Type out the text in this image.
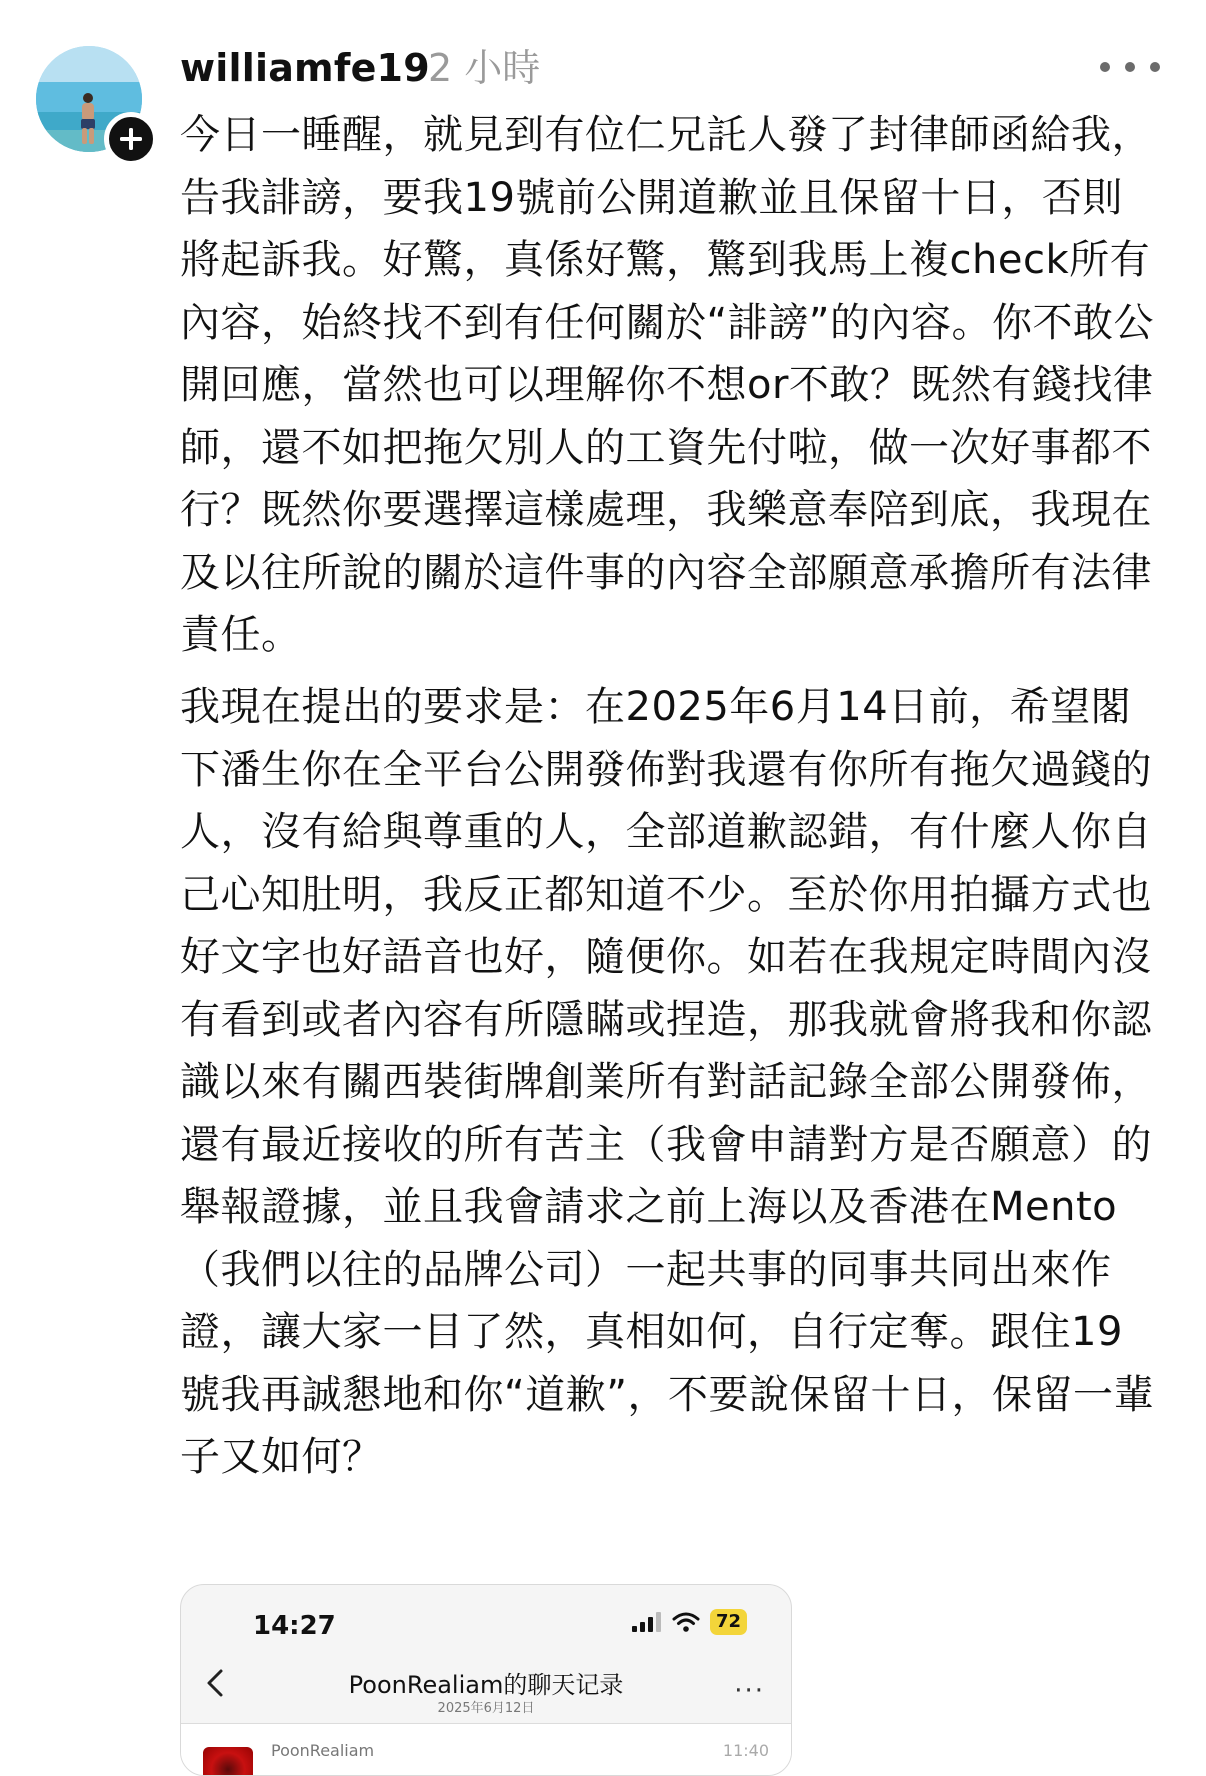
williamfe19
2 小時

今日一睡醒，就見到有位仁兄託人發了封律師函給我，告我誹謗，要我19號前公開道歉並且保留十日，否則將起訴我。好驚，真係好驚，驚到我馬上複check所有內容，始終找不到有任何關於“誹謗”的內容。你不敢公開回應，當然也可以理解你不想or不敢？既然有錢找律師，還不如把拖欠別人的工資先付啦，做一次好事都不行？既然你要選擇這樣處理，我樂意奉陪到底，我現在及以往所說的關於這件事的內容全部願意承擔所有法律責任。

我現在提出的要求是：在2025年6月14日前，希望閣下潘生你在全平台公開發佈對我還有你所有拖欠過錢的人，沒有給與尊重的人，全部道歉認錯，有什麼人你自己心知肚明，我反正都知道不少。至於你用拍攝方式也好文字也好語音也好，隨便你。如若在我規定時間內沒有看到或者內容有所隱瞞或捏造，那我就會將我和你認識以來有關西裝街牌創業所有對話記錄全部公開發佈，還有最近接收的所有苦主（我會申請對方是否願意）的舉報證據，並且我會請求之前上海以及香港在Mento（我們以往的品牌公司）一起共事的同事共同出來作證，讓大家一目了然，真相如何，自行定奪。跟住19號我再誠懇地和你“道歉”，不要說保留十日，保留一輩子又如何？

14:27	72
PoonRealiam的聊天记录
2025年6月12日
···
PoonRealiam	11:40
